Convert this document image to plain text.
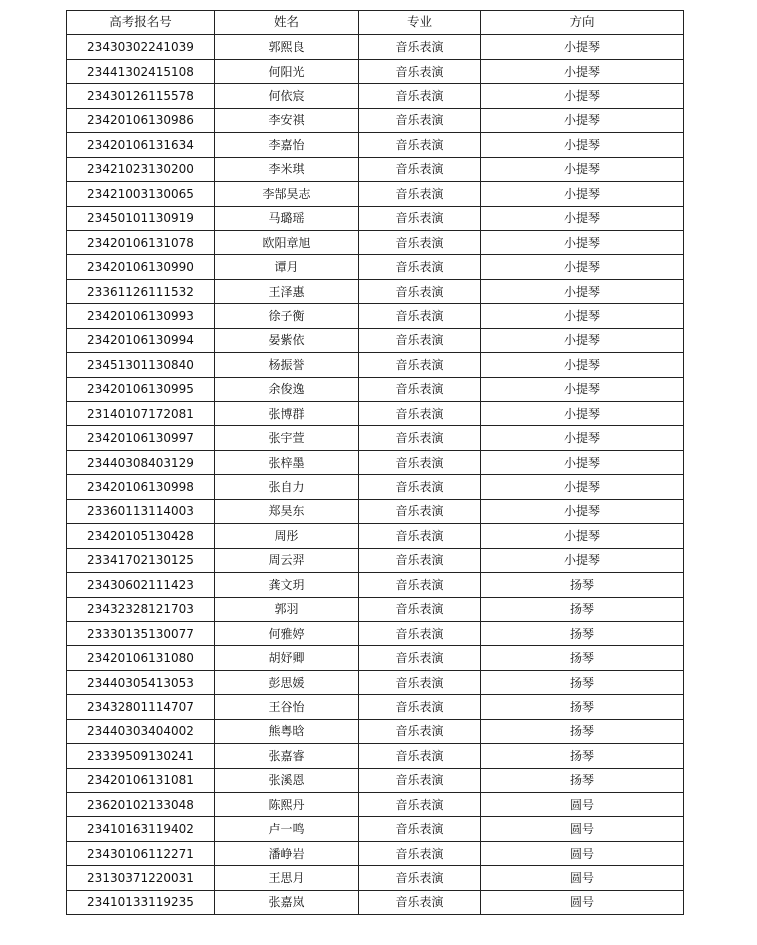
高考报名号	姓名	专业	方向
23430302241039	郭熙良	音乐表演	小提琴
23441302415108	何阳光	音乐表演	小提琴
23430126115578	何依宸	音乐表演	小提琴
23420106130986	李安祺	音乐表演	小提琴
23420106131634	李嘉怡	音乐表演	小提琴
23421023130200	李米琪	音乐表演	小提琴
23421003130065	李郜昊志	音乐表演	小提琴
23450101130919	马璐瑶	音乐表演	小提琴
23420106131078	欧阳章旭	音乐表演	小提琴
23420106130990	谭月	音乐表演	小提琴
23361126111532	王泽惠	音乐表演	小提琴
23420106130993	徐子衡	音乐表演	小提琴
23420106130994	晏紫依	音乐表演	小提琴
23451301130840	杨振誉	音乐表演	小提琴
23420106130995	余俊逸	音乐表演	小提琴
23140107172081	张博群	音乐表演	小提琴
23420106130997	张宇萱	音乐表演	小提琴
23440308403129	张梓墨	音乐表演	小提琴
23420106130998	张自力	音乐表演	小提琴
23360113114003	郑昊东	音乐表演	小提琴
23420105130428	周彤	音乐表演	小提琴
23341702130125	周云羿	音乐表演	小提琴
23430602111423	龚文玥	音乐表演	扬琴
23432328121703	郭羽	音乐表演	扬琴
23330135130077	何雅婷	音乐表演	扬琴
23420106131080	胡妤卿	音乐表演	扬琴
23440305413053	彭思媛	音乐表演	扬琴
23432801114707	王谷怡	音乐表演	扬琴
23440303404002	熊粤晗	音乐表演	扬琴
23339509130241	张嘉睿	音乐表演	扬琴
23420106131081	张溪恩	音乐表演	扬琴
23620102133048	陈熙丹	音乐表演	圆号
23410163119402	卢一鸣	音乐表演	圆号
23430106112271	潘峥岩	音乐表演	圆号
23130371220031	王思月	音乐表演	圆号
23410133119235	张嘉岚	音乐表演	圆号
